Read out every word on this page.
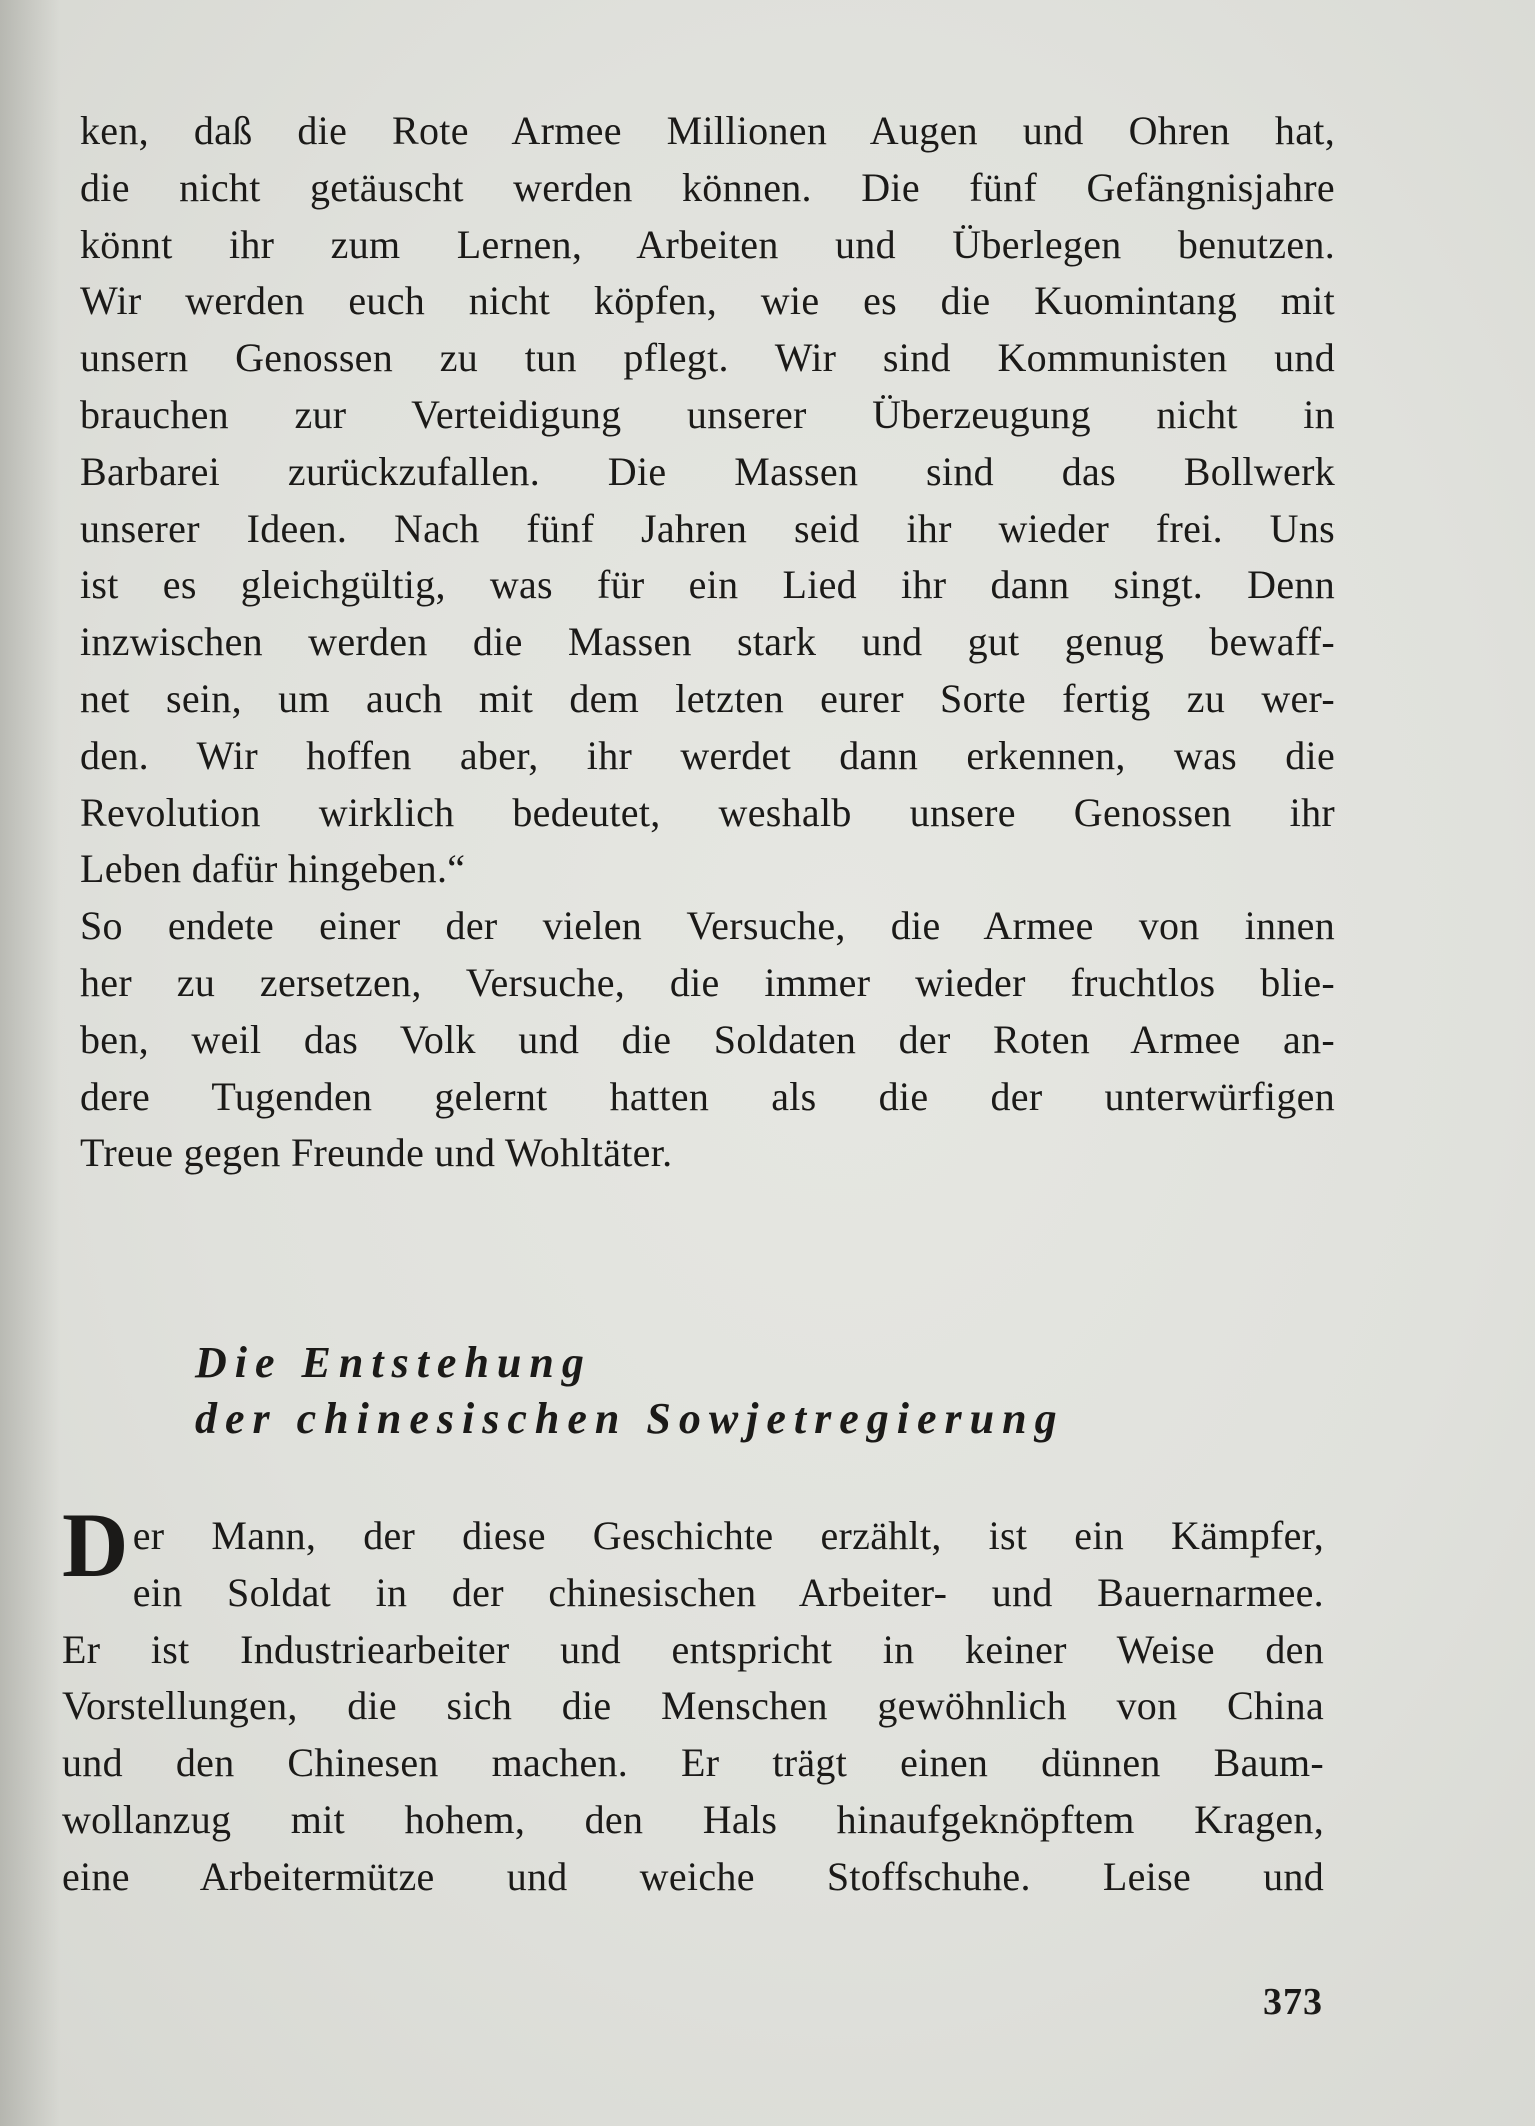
ken, daß die Rote Armee Millionen Augen und Ohren hat,
die nicht getäuscht werden können. Die fünf Gefängnisjahre
könnt ihr zum Lernen, Arbeiten und Überlegen benutzen.
Wir werden euch nicht köpfen, wie es die Kuomintang mit
unsern Genossen zu tun pflegt. Wir sind Kommunisten und
brauchen zur Verteidigung unserer Überzeugung nicht in
Barbarei zurückzufallen. Die Massen sind das Bollwerk
unserer Ideen. Nach fünf Jahren seid ihr wieder frei. Uns
ist es gleichgültig, was für ein Lied ihr dann singt. Denn
inzwischen werden die Massen stark und gut genug bewaff-
net sein, um auch mit dem letzten eurer Sorte fertig zu wer-
den. Wir hoffen aber, ihr werdet dann erkennen, was die
Revolution wirklich bedeutet, weshalb unsere Genossen ihr
Leben dafür hingeben.“
So endete einer der vielen Versuche, die Armee von innen
her zu zersetzen, Versuche, die immer wieder fruchtlos blie-
ben, weil das Volk und die Soldaten der Roten Armee an-
dere Tugenden gelernt hatten als die der unterwürfigen
Treue gegen Freunde und Wohltäter.
Die Entstehung
der chinesischen Sowjetregierung
D er Mann, der diese Geschichte erzählt, ist ein Kämpfer,
ein Soldat in der chinesischen Arbeiter- und Bauernarmee.
Er ist Industriearbeiter und entspricht in keiner Weise den
Vorstellungen, die sich die Menschen gewöhnlich von China
und den Chinesen machen. Er trägt einen dünnen Baum-
wollanzug mit hohem, den Hals hinaufgeknöpftem Kragen,
eine Arbeitermütze und weiche Stoffschuhe. Leise und
373
